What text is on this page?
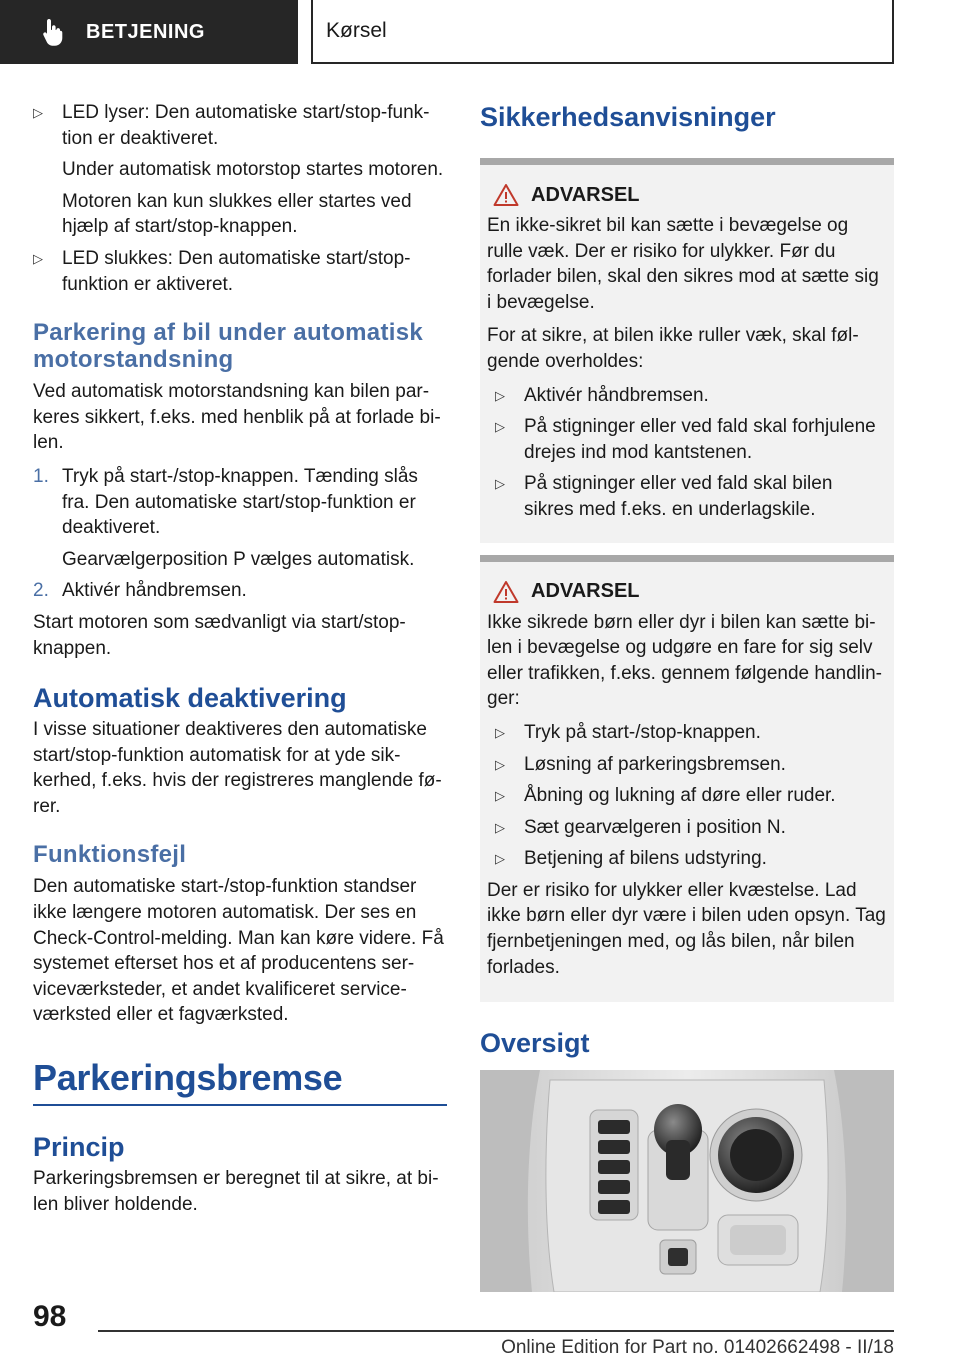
BETJENING	Kørsel
▷	LED lyser: Den automatiske start/stop-funktion er deaktiveret.

Under automatisk motorstop startes motoren.

Motoren kan kun slukkes eller startes ved hjælp af start/stop-knappen.

▷	LED slukkes: Den automatiske start/stop-funktion er aktiveret.

Parkering af bil under automatisk motorstandsning

Ved automatisk motorstandsning kan bilen parkeres sikkert, f.eks. med henblik på at forlade bilen.

1. Tryk på start-/stop-knappen. Tænding slås fra. Den automatiske start/stop-funktion er deaktiveret.

Gearvælgerposition P vælges automatisk.

2. Aktivér håndbremsen.

Start motoren som sædvanligt via start/stop-knappen.

Automatisk deaktivering

I visse situationer deaktiveres den automatiske start/stop-funktion automatisk for at yde sikkerhed, f.eks. hvis der registreres manglende fører.

Funktionsfejl

Den automatiske start-/stop-funktion standser ikke længere motoren automatisk. Der ses en Check-Control-melding. Man kan køre videre. Få systemet efterset hos et af producentens serviceværksteder, et andet kvalificeret serviceværksted eller et fagværksted.

Parkeringsbremse
Princip

Parkeringsbremsen er beregnet til at sikre, at bilen bliver holdende.

Sikkerhedsanvisninger
ADVARSEL

En ikke-sikret bil kan sætte i bevægelse og rulle væk. Der er risiko for ulykker. Før du forlader bilen, skal den sikres mod at sætte sig i bevægelse.

For at sikre, at bilen ikke ruller væk, skal følgende overholdes:

▷	Aktivér håndbremsen.

▷	På stigninger eller ved fald skal forhjulene drejes ind mod kantstenen.

▷	På stigninger eller ved fald skal bilen sikres med f.eks. en underlagskile.

ADVARSEL

Ikke sikrede børn eller dyr i bilen kan sætte bilen i bevægelse og udgøre en fare for sig selv eller trafikken, f.eks. gennem følgende handlinger:

▷	Tryk på start-/stop-knappen.

▷	Løsning af parkeringsbremsen.

▷	Åbning og lukning af døre eller ruder.

▷	Sæt gearvælgeren i position N.

▷	Betjening af bilens udstyring.

Der er risiko for ulykker eller kvæstelse. Lad ikke børn eller dyr være i bilen uden opsyn. Tag fjernbetjeningen med, og lås bilen, når bilen forlades.

Oversigt
98
Online Edition for Part no. 01402662498 - II/18
